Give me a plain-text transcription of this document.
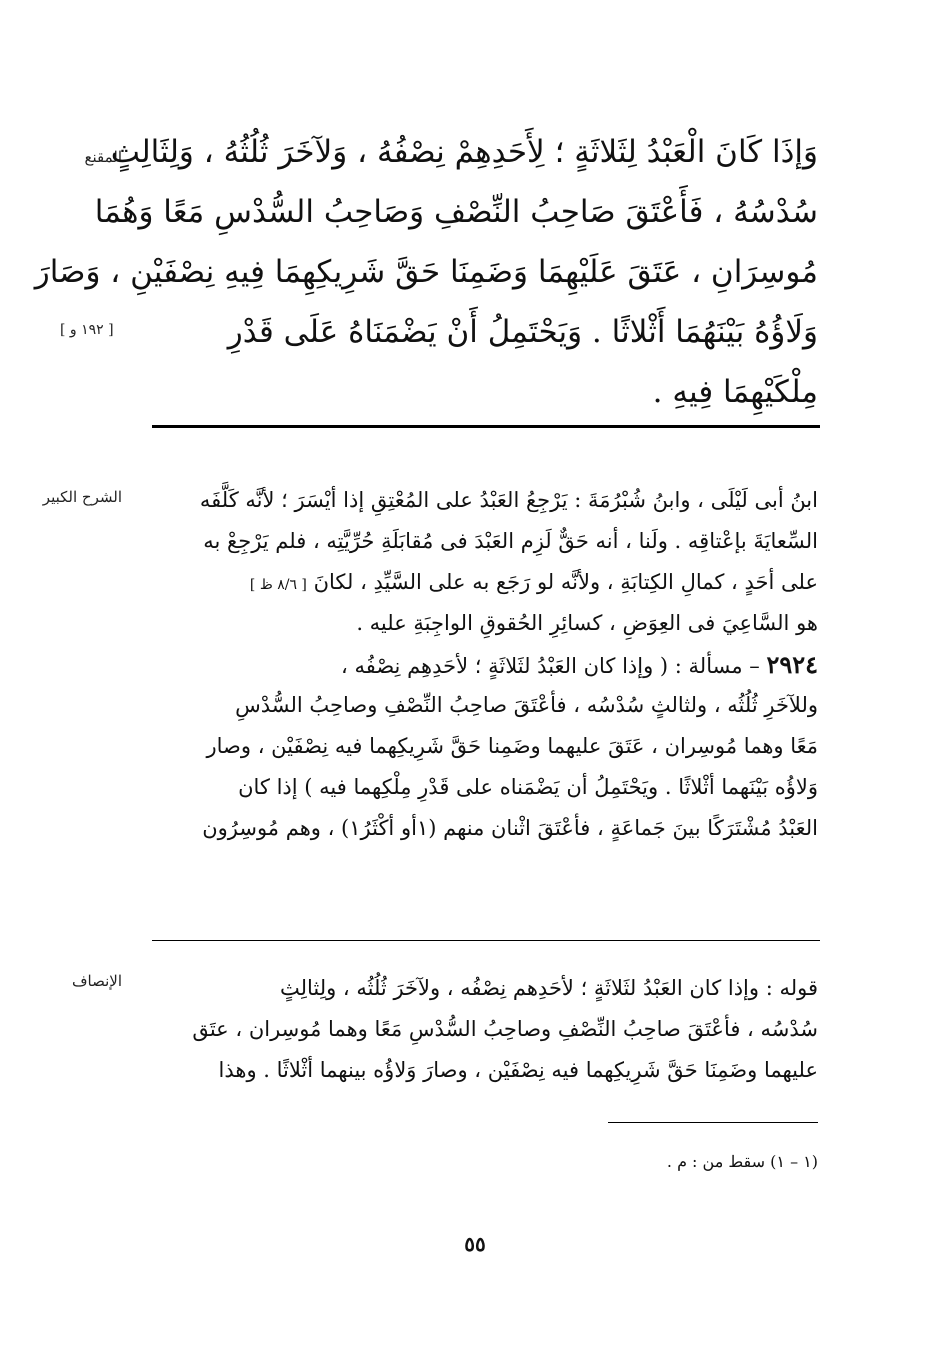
المقنع
وَإذَا كَانَ الْعَبْدُ لِثَلاثَةٍ ؛ لِأَحَدِهِمْ نِصْفُهُ ، وَلآخَرَ ثُلُثُهُ ، وَلِثَالِثٍ
سُدْسُهُ ، فَأَعْتَقَ صَاحِبُ النِّصْفِ وَصَاحِبُ السُّدْسِ مَعًا وَهُمَا
مُوسِرَانِ ، عَتَقَ عَلَيْهِمَا وَضَمِنَا حَقَّ شَرِيكِهِمَا فِيهِ نِصْفَيْنِ ، وَصَارَ
وَلَاؤُهُ بَيْنَهُمَا أَثْلاثًا . وَيَحْتَمِلُ أَنْ يَضْمَنَاهُ عَلَى قَدْرِ
مِلْكَيْهِمَا فِيهِ .
[ ١٩٢ و ]
الشرح الكبير	ابنُ أبى لَيْلَى ، وابنُ شُبْرُمَةَ : يَرْجِعُ العَبْدُ على المُعْتِقِ إذا أيْسَرَ ؛ لأنَّه كَلَّفَه
السِّعايَةَ بإعْتاقِه . ولَنا ، أنه حَقٌّ لَزِم العَبْدَ فى مُقابَلَةِ حُرِّيَّتِه ، فلم يَرْجِعْ به
على أحَدٍ ، كمالِ الكِتابَةِ ، ولأنَّه لو رَجَع به على السَّيِّدِ ، لكانَ [ ٨/٦ ظ ]
هو السَّاعِيَ فى العِوَضِ ، كسائِرِ الحُقوقِ الواجِبَةِ عليه .
٢٩٢٤ – مسألة : ( وإذا كان العَبْدُ لثَلاثَةٍ ؛ لأحَدِهِم نِصْفُه ،
وللآخَرِ ثُلُثُه ، ولثالثٍ سُدْسُه ، فأعْتَقَ صاحِبُ النِّصْفِ وصاحِبُ السُّدْسِ
مَعًا وهما مُوسِران ، عَتَقَ عليهما وضَمِنا حَقَّ شَرِيكِهما فيه نِصْفَيْن ، وصار
وَلاؤُه بَيْنَهما أثْلاثًا . ويَحْتَمِلُ أن يَضْمَناه على قَدْرِ مِلْكِهما فيه ) إذا كان
العَبْدُ مُشْتَرَكًا بينَ جَماعَةٍ ، فأعْتَقَ اثْنان منهم (١أو أكْثَرُ١) ، وهم مُوسِرُون
الإنصاف	قوله : وإذا كان العَبْدُ لثَلاثَةٍ ؛ لأحَدِهم نِصْفُه ، ولآخَرَ ثُلُثُه ، ولِثالِثٍ
سُدْسُه ، فأعْتَقَ صاحِبُ النِّصْفِ وصاحِبُ السُّدْسِ مَعًا وهما مُوسِران ، عتَق
عليهما وضَمِنَا حَقَّ شَرِيكِهما فيه نِصْفَيْن ، وصارَ وَلاؤُه بينهما أثْلاثًا . وهذا
(١ – ١) سقط من : م .
٥٥
